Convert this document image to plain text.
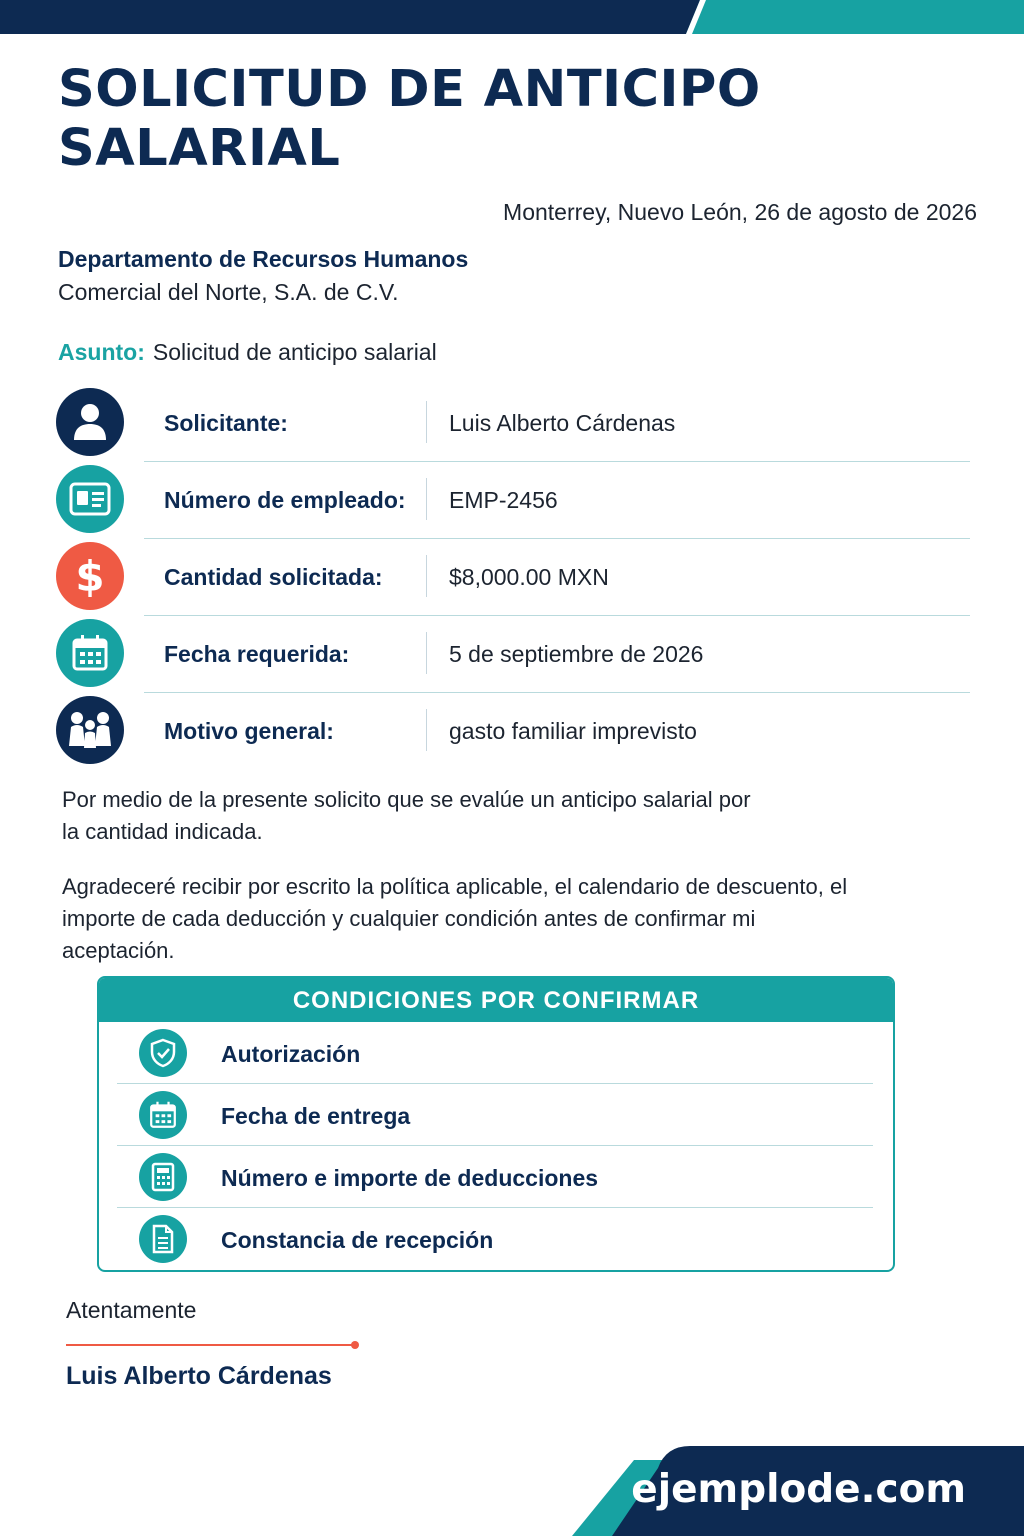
SOLICITUD DE ANTICIPO SALARIAL
Monterrey, Nuevo León, 26 de agosto de 2026
Departamento de Recursos Humanos
Comercial del Norte, S.A. de C.V.
Asunto: Solicitud de anticipo salarial
Solicitante:	Luis Alberto Cárdenas
Número de empleado: EMP-2456
$	Cantidad solicitada:	$8,000.00 MXN
Fecha requerida:	5 de septiembre de 2026
Motivo general:	gasto familiar imprevisto

Por medio de la presente solicito que se evalúe un anticipo salarial por la cantidad indicada.

Agradeceré recibir por escrito la política aplicable, el calendario de descuento, el importe de cada deducción y cualquier condición antes de confirmar mi aceptación.

CONDICIONES POR CONFIRMAR
Autorización
Fecha de entrega
Número e importe de deducciones
Constancia de recepción
Atentamente
Luis Alberto Cárdenas
ejemplode.com
